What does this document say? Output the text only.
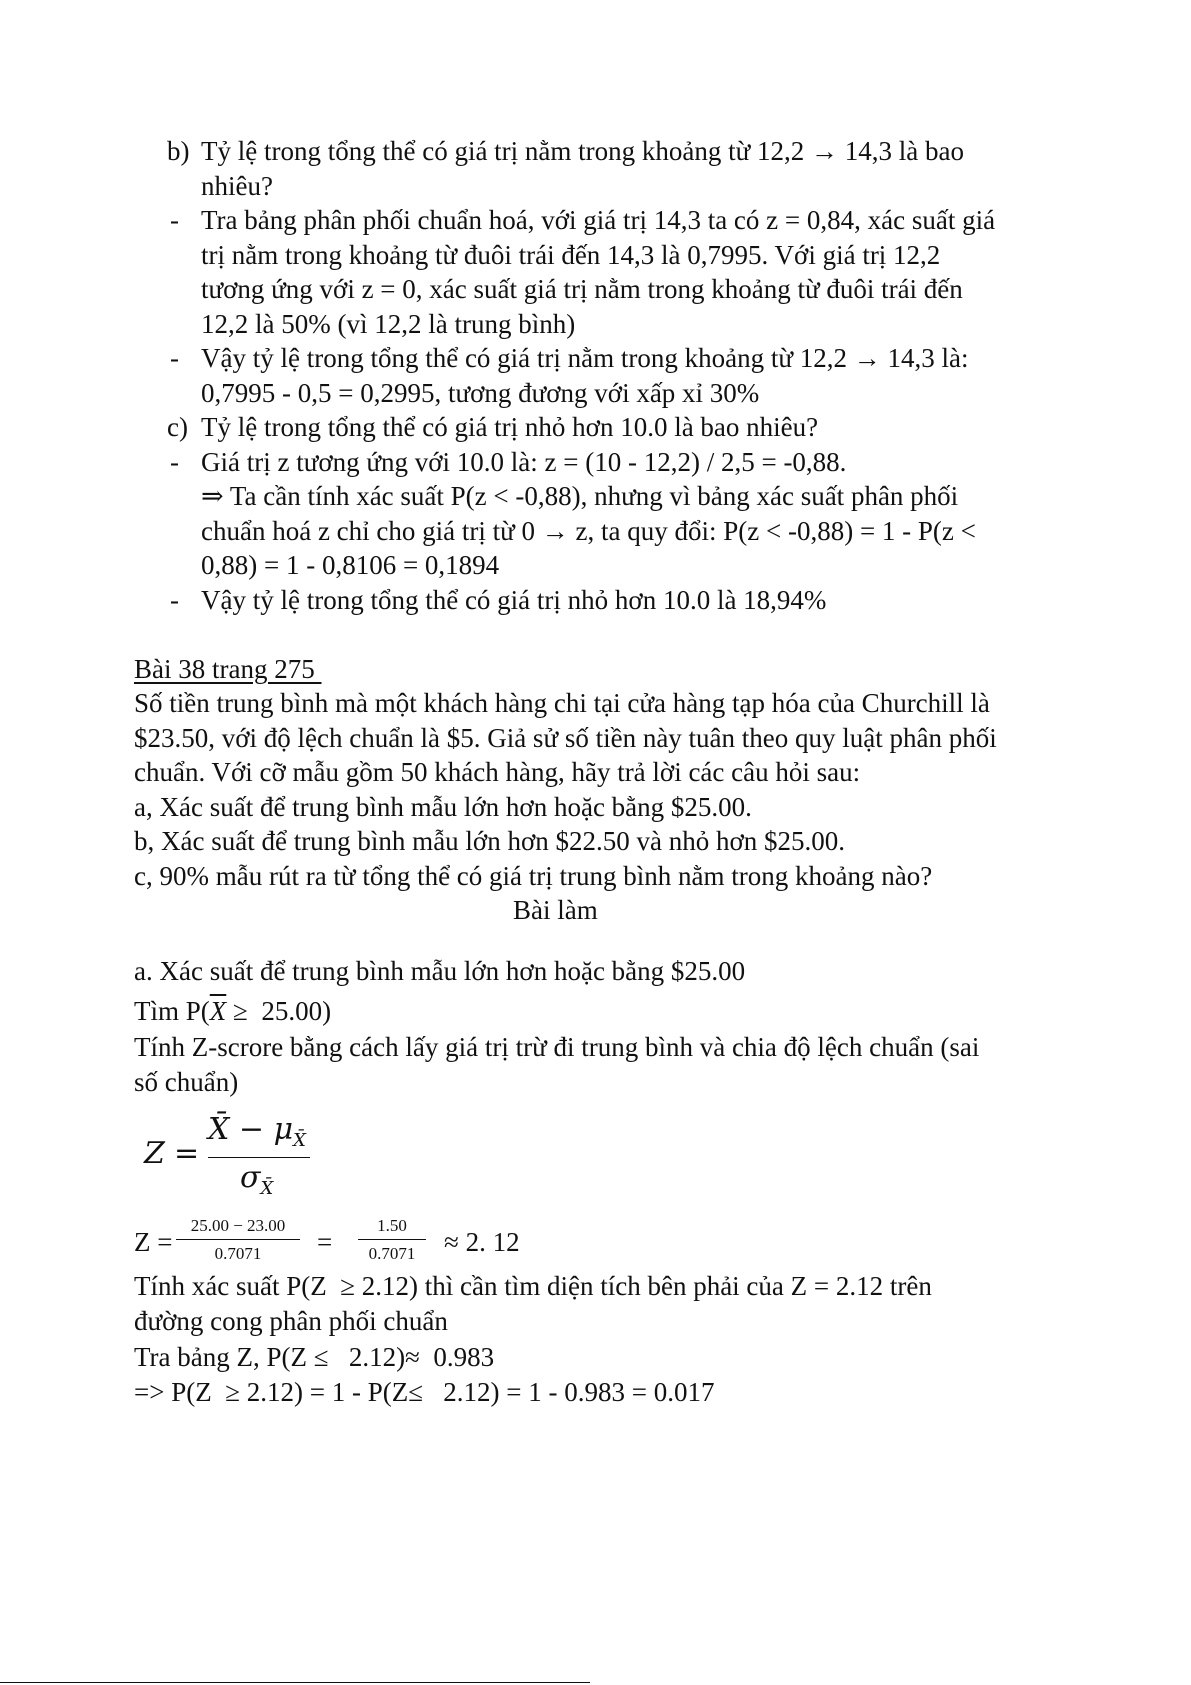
b) Tỷ lệ trong tổng thể có giá trị nằm trong khoảng từ 12,2 → 14,3 là bao
nhiêu?
- Tra bảng phân phối chuẩn hoá, với giá trị 14,3 ta có z = 0,84, xác suất giá
trị nằm trong khoảng từ đuôi trái đến 14,3 là 0,7995. Với giá trị 12,2
tương ứng với z = 0, xác suất giá trị nằm trong khoảng từ đuôi trái đến
12,2 là 50% (vì 12,2 là trung bình)
- Vậy tỷ lệ trong tổng thể có giá trị nằm trong khoảng từ 12,2 → 14,3 là:
0,7995 - 0,5 = 0,2995, tương đương với xấp xỉ 30%
c) Tỷ lệ trong tổng thể có giá trị nhỏ hơn 10.0 là bao nhiêu?
- Giá trị z tương ứng với 10.0 là: z = (10 - 12,2) / 2,5 = -0,88.
⇒ Ta cần tính xác suất P(z < -0,88), nhưng vì bảng xác suất phân phối
chuẩn hoá z chỉ cho giá trị từ 0 → z, ta quy đổi: P(z < -0,88) = 1 - P(z <
0,88) = 1 - 0,8106 = 0,1894
- Vậy tỷ lệ trong tổng thể có giá trị nhỏ hơn 10.0 là 18,94%
Bài 38 trang 275
Số tiền trung bình mà một khách hàng chi tại cửa hàng tạp hóa của Churchill là
$23.50, với độ lệch chuẩn là $5. Giả sử số tiền này tuân theo quy luật phân phối
chuẩn. Với cỡ mẫu gồm 50 khách hàng, hãy trả lời các câu hỏi sau:
a, Xác suất để trung bình mẫu lớn hơn hoặc bằng $25.00.
b, Xác suất để trung bình mẫu lớn hơn $22.50 và nhỏ hơn $25.00.
c, 90% mẫu rút ra từ tổng thể có giá trị trung bình nằm trong khoảng nào?
Bài làm
a. Xác suất để trung bình mẫu lớn hơn hoặc bằng $25.00
Tìm $P(\overline{X} \ge 25.00)$
Tính Z-scrore bằng cách lấy giá trị trừ đi trung bình và chia độ lệch chuẩn (sai
số chuẩn)
Z =
X̄ − $\mu_{X̄}$
$\sigma_{X̄}$
$Z = \frac{25.00 - 23.00}{0.7071} = \frac{1.50}{0.7071} \approx 2$. 12
Tính xác suất P(Z  ≥ 2.12) thì cần tìm diện tích bên phải của Z = 2.12 trên
đường cong phân phối chuẩn
Tra bảng Z, P(Z ≤   2.12)≈  0.983
=> P(Z  ≥ 2.12) = 1 - P(Z≤   2.12) = 1 - 0.983 = 0.017
